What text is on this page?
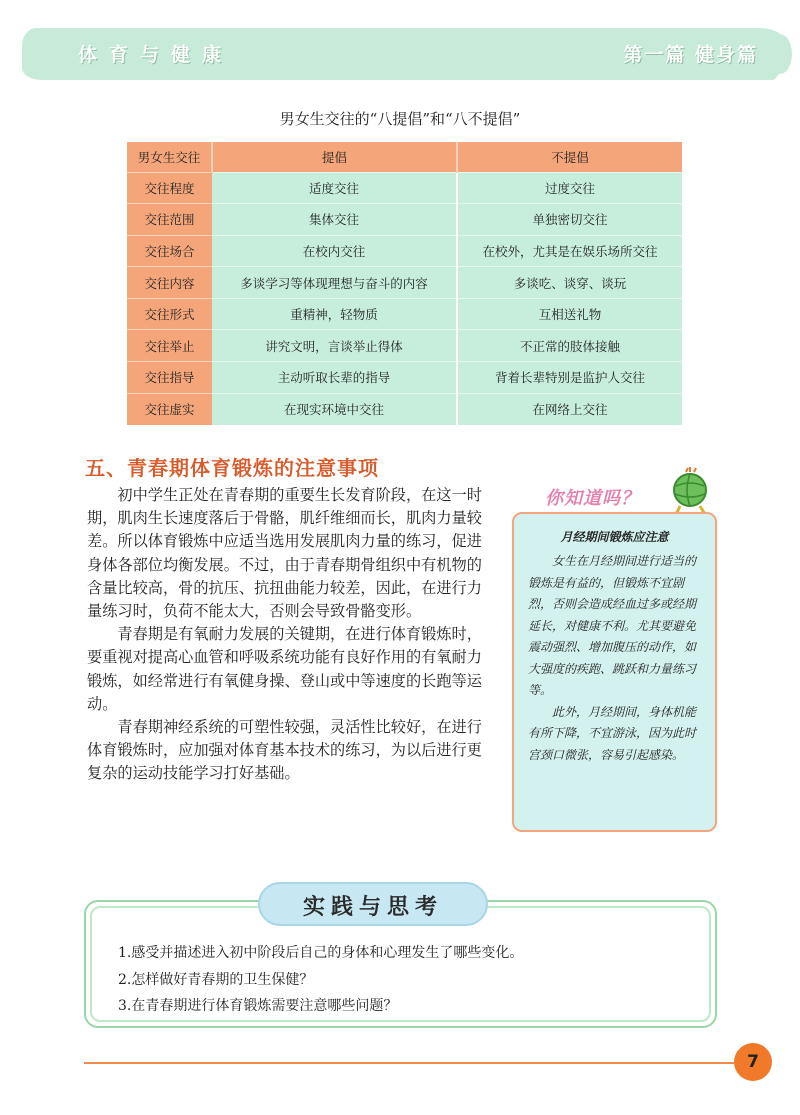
体育与健康	第一篇 健身篇
男女生交往的“八提倡”和“八不提倡”
男女生交往	提倡	不提倡
交往程度	适度交往	过度交往
交往范围	集体交往	单独密切交往
交往场合	在校内交往	在校外，尤其是在娱乐场所交往
交往内容	多谈学习等体现理想与奋斗的内容	多谈吃、谈穿、谈玩
交往形式	重精神，轻物质	互相送礼物
交往举止	讲究文明，言谈举止得体	不正常的肢体接触
交往指导	主动听取长辈的指导	背着长辈特别是监护人交往
交往虚实	在现实环境中交往	在网络上交往
五、青春期体育锻炼的注意事项

初中学生正处在青春期的重要生长发育阶段，在这一时期，肌肉生长速度落后于骨骼，肌纤维细而长，肌肉力量较差。所以体育锻炼中应适当选用发展肌肉力量的练习，促进身体各部位均衡发展。不过，由于青春期骨组织中有机物的含量比较高，骨的抗压、抗扭曲能力较差，因此，在进行力量练习时，负荷不能太大，否则会导致骨骼变形。

青春期是有氧耐力发展的关键期，在进行体育锻炼时，要重视对提高心血管和呼吸系统功能有良好作用的有氧耐力锻炼，如经常进行有氧健身操、登山或中等速度的长跑等运动。

青春期神经系统的可塑性较强，灵活性比较好，在进行体育锻炼时，应加强对体育基本技术的练习，为以后进行更复杂的运动技能学习打好基础。

你知道吗？
月经期间锻炼应注意

女生在月经期间进行适当的锻炼是有益的，但锻炼不宜剧烈，否则会造成经血过多或经期延长，对健康不利。尤其要避免震动强烈、增加腹压的动作，如大强度的疾跑、跳跃和力量练习等。

此外，月经期间，身体机能有所下降，不宜游泳，因为此时宫颈口微张，容易引起感染。

实践与思考
1.感受并描述进入初中阶段后自己的身体和心理发生了哪些变化。
2.怎样做好青春期的卫生保健？
3.在青春期进行体育锻炼需要注意哪些问题？
7
